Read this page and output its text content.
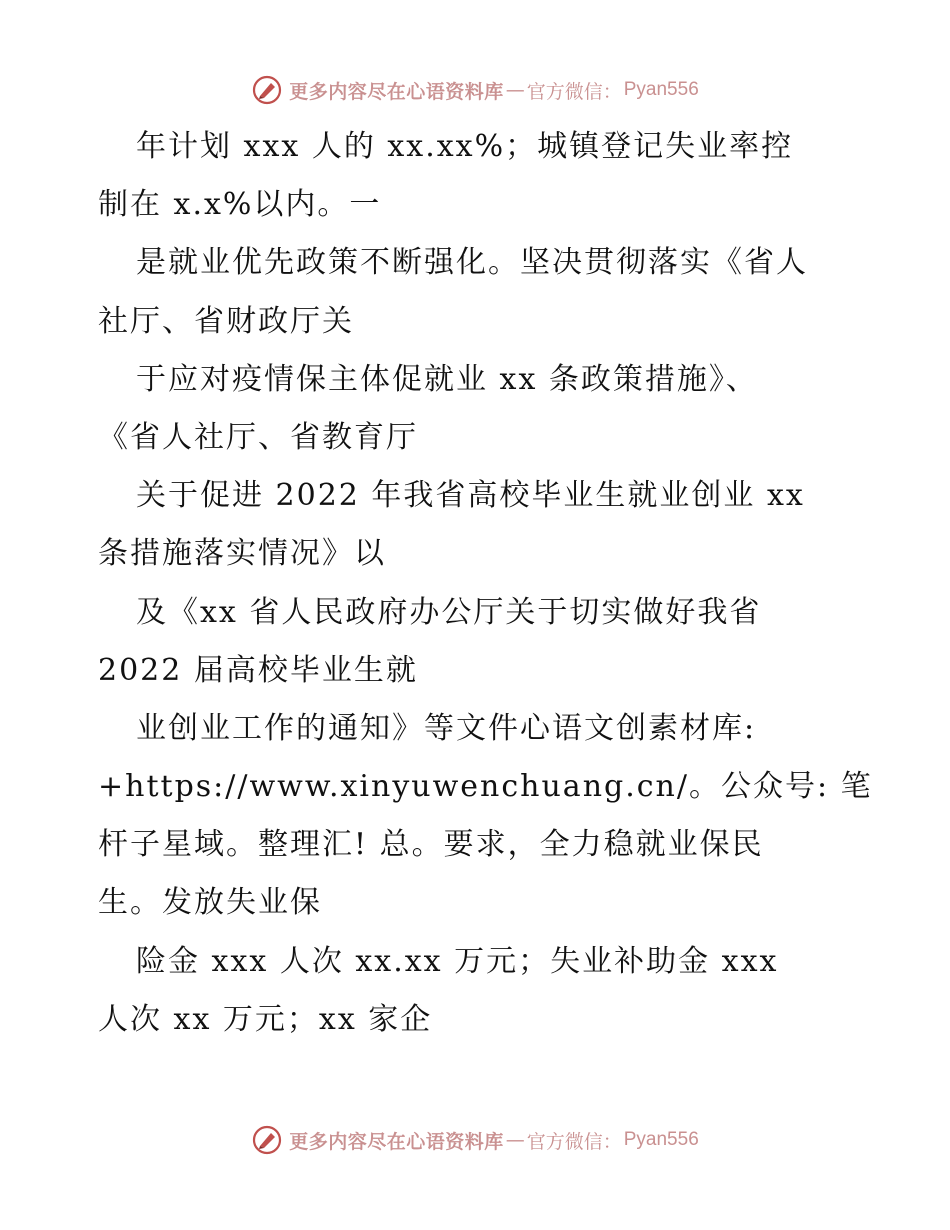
更多内容尽在心语资料库 — 官方微信： Pyan556
年计划 xxx 人的 xx.xx%；城镇登记失业率控
制在 x.x%以内。一
是就业优先政策不断强化。坚决贯彻落实《省人
社厅、省财政厅关
于应对疫情保主体促就业 xx 条政策措施》、
《省人社厅、省教育厅
关于促进 2022 年我省高校毕业生就业创业 xx
条措施落实情况》以
及《xx 省人民政府办公厅关于切实做好我省
2022 届高校毕业生就
业创业工作的通知》等文件心语文创素材库:
+https://www.xinyuwenchuang.cn/。公众号: 笔
杆子星域。整理汇! 总。要求，全力稳就业保民
生。发放失业保
险金 xxx 人次 xx.xx 万元；失业补助金 xxx
人次 xx 万元；xx 家企
更多内容尽在心语资料库 — 官方微信： Pyan556
